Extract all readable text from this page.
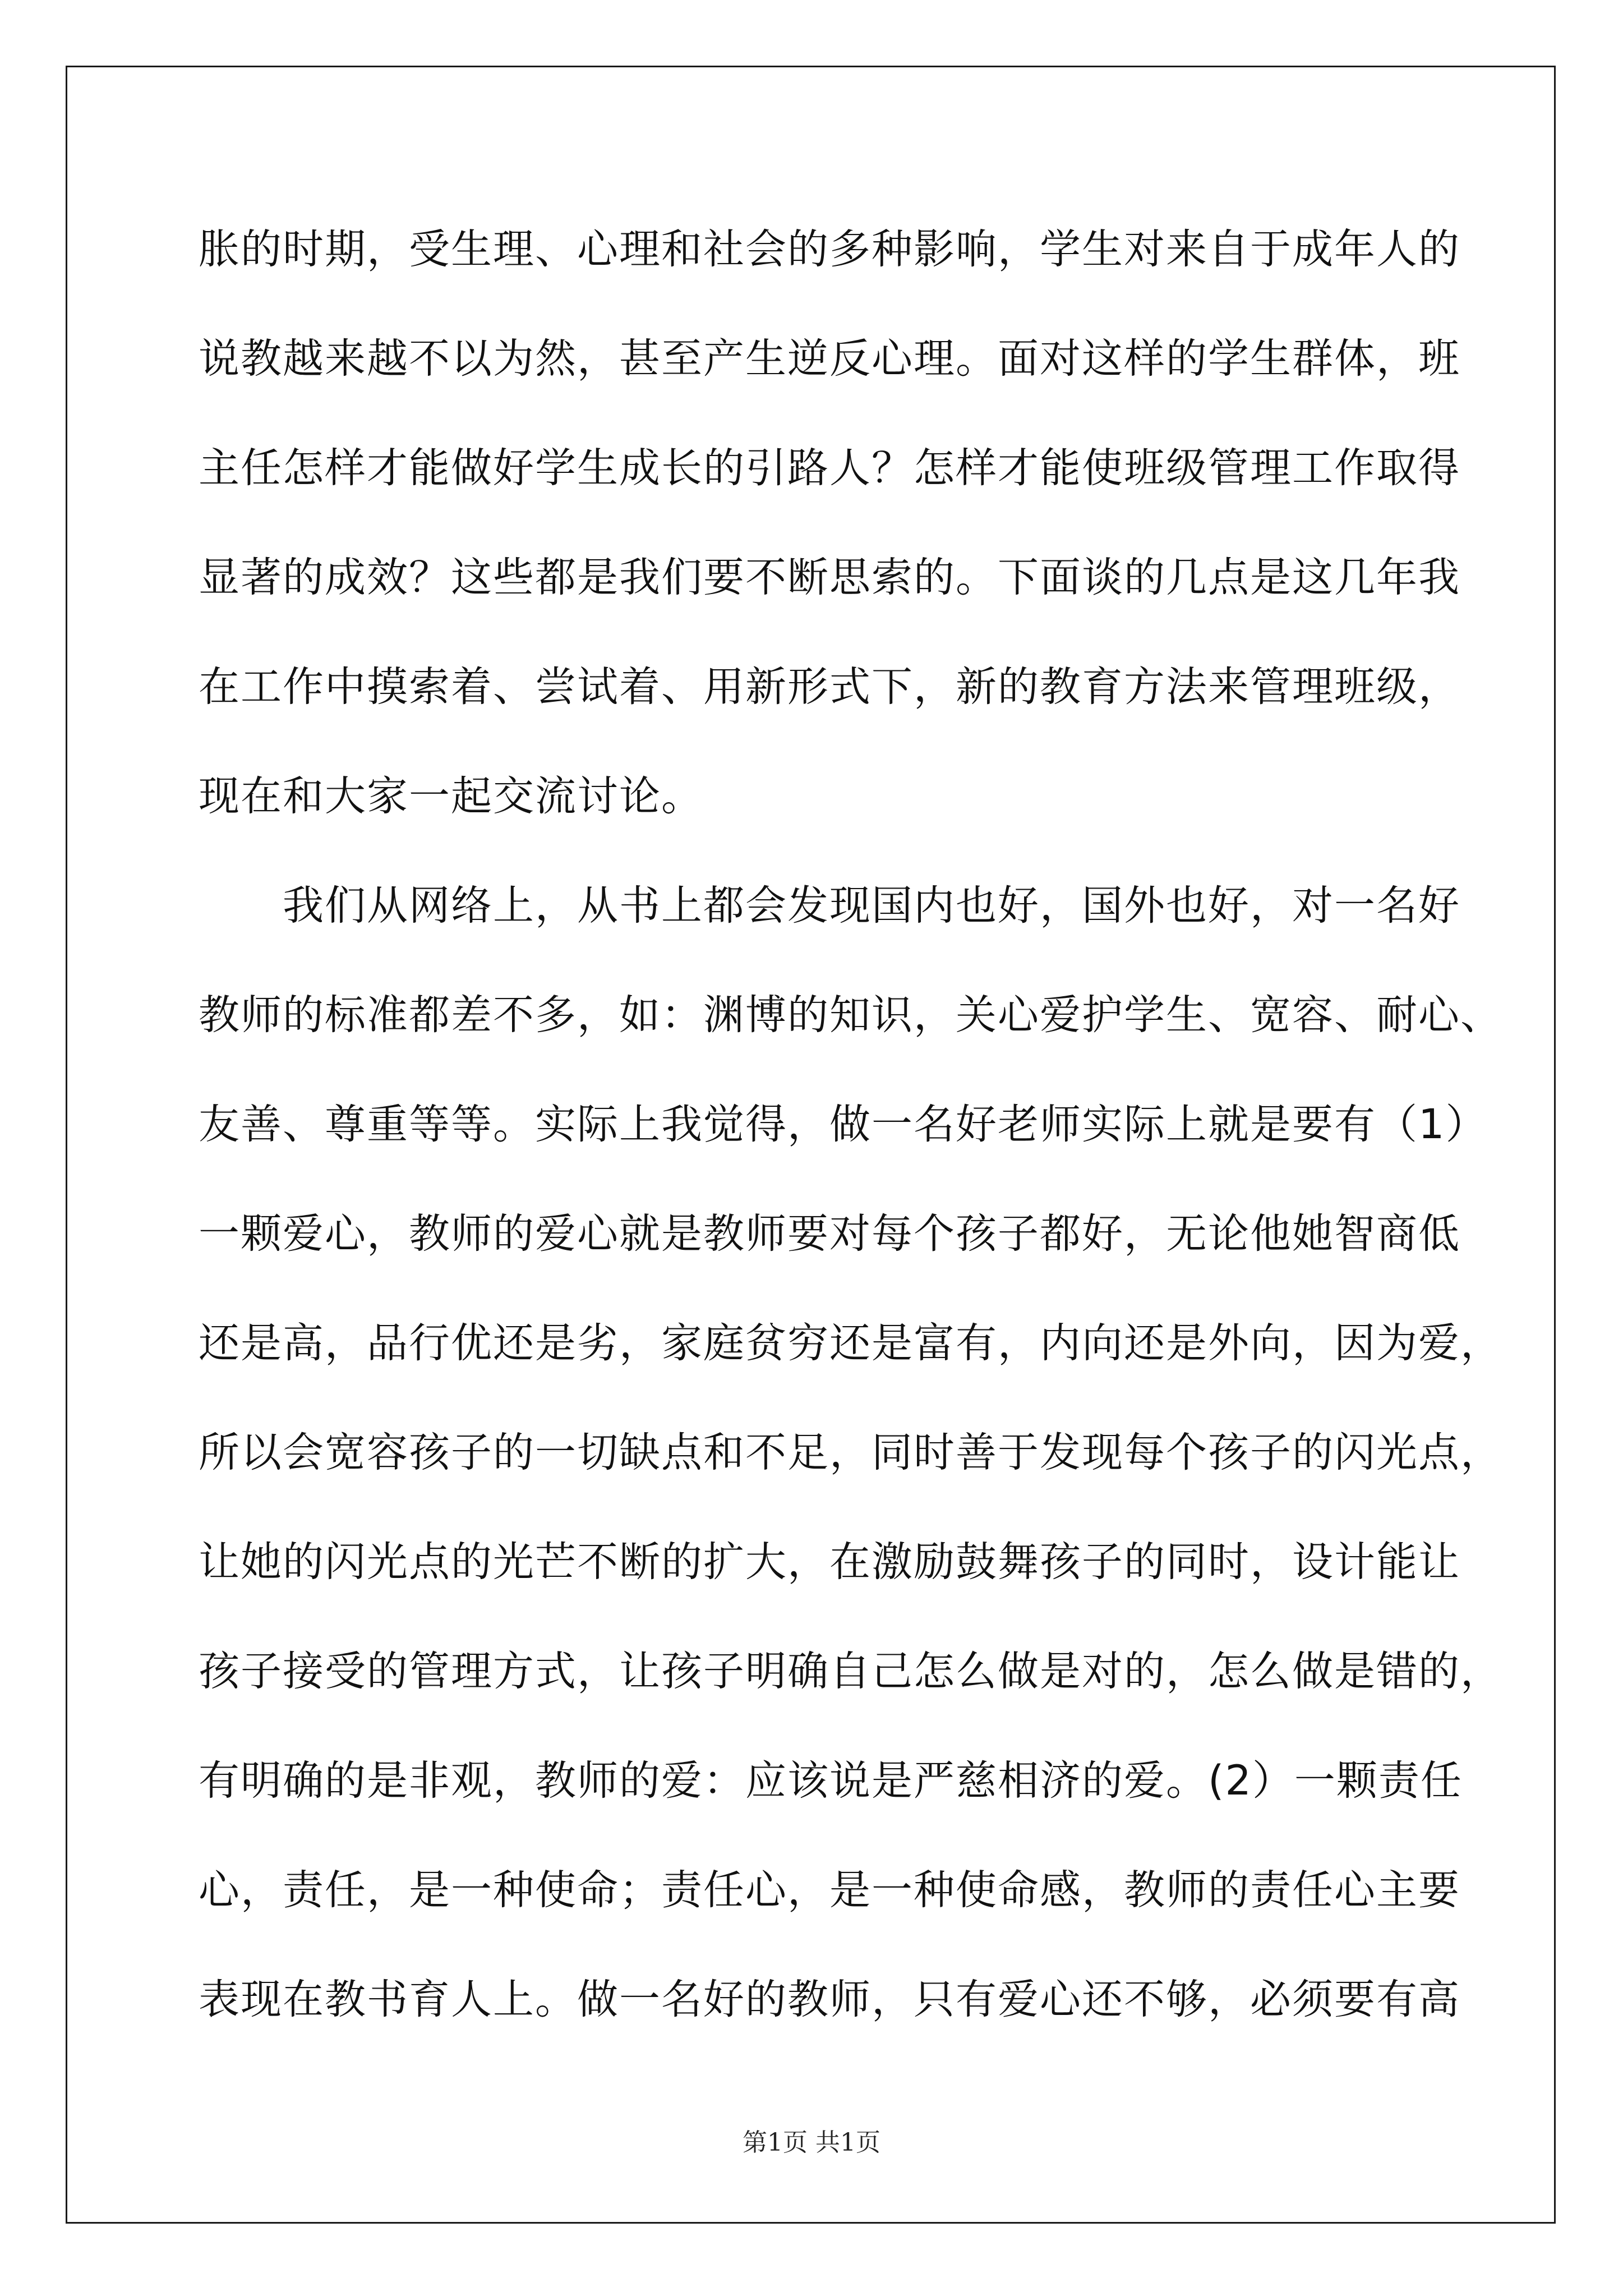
胀的时期，受生理、心理和社会的多种影响，学生对来自于成年人的
说教越来越不以为然，甚至产生逆反心理。面对这样的学生群体，班
主任怎样才能做好学生成长的引路人？怎样才能使班级管理工作取得
显著的成效？这些都是我们要不断思索的。下面谈的几点是这几年我
在工作中摸索着、尝试着、用新形式下，新的教育方法来管理班级，
现在和大家一起交流讨论。
我们从网络上，从书上都会发现国内也好，国外也好，对一名好
教师的标准都差不多，如：渊博的知识，关心爱护学生、宽容、耐心、
友善、尊重等等。实际上我觉得，做一名好老师实际上就是要有（1）
一颗爱心，教师的爱心就是教师要对每个孩子都好，无论他她智商低
还是高，品行优还是劣，家庭贫穷还是富有，内向还是外向，因为爱，
所以会宽容孩子的一切缺点和不足，同时善于发现每个孩子的闪光点，
让她的闪光点的光芒不断的扩大，在激励鼓舞孩子的同时，设计能让
孩子接受的管理方式，让孩子明确自己怎么做是对的，怎么做是错的，
有明确的是非观，教师的爱：应该说是严慈相济的爱。(2）一颗责任
心，责任，是一种使命；责任心，是一种使命感，教师的责任心主要
表现在教书育人上。做一名好的教师，只有爱心还不够，必须要有高
第1页 共1页
